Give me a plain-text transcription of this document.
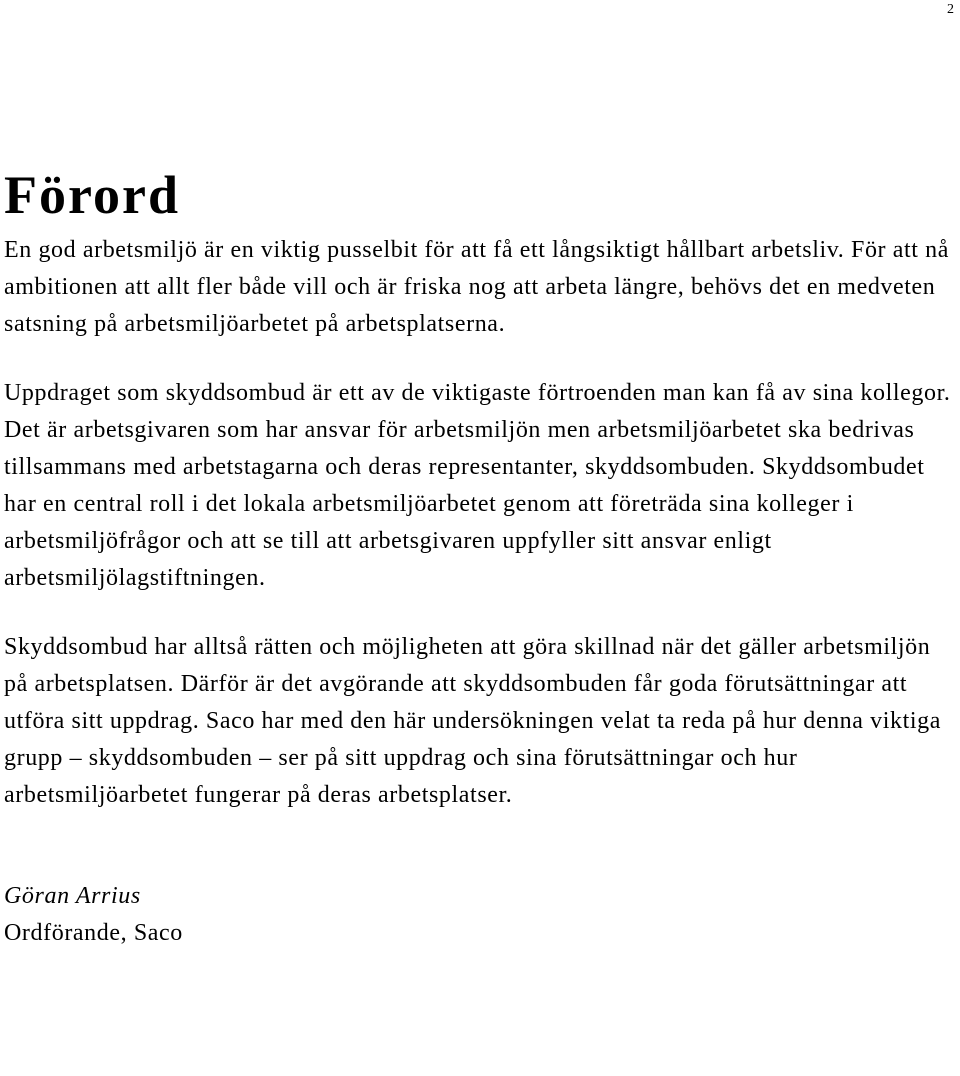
2
Förord

En god arbetsmiljö är en viktig pusselbit för att få ett långsiktigt hållbart arbetsliv. För att nå ambitionen att allt fler både vill och är friska nog att arbeta längre, behövs det en medveten satsning på arbetsmiljöarbetet på arbetsplatserna.

Uppdraget som skyddsombud är ett av de viktigaste förtroenden man kan få av sina kollegor. Det är arbetsgivaren som har ansvar för arbetsmiljön men arbetsmiljöarbetet ska bedrivas tillsammans med arbetstagarna och deras representanter, skyddsombuden. Skyddsombudet har en central roll i det lokala arbetsmiljöarbetet genom att företräda sina kolleger i arbetsmiljöfrågor och att se till att arbetsgivaren uppfyller sitt ansvar enligt arbetsmiljölagstiftningen.

Skyddsombud har alltså rätten och möjligheten att göra skillnad när det gäller arbetsmiljön på arbetsplatsen. Därför är det avgörande att skyddsombuden får goda förutsättningar att utföra sitt uppdrag. Saco har med den här undersökningen velat ta reda på hur denna viktiga grupp – skyddsombuden – ser på sitt uppdrag och sina förutsättningar och hur arbetsmiljöarbetet fungerar på deras arbetsplatser.

Göran Arrius
Ordförande, Saco
